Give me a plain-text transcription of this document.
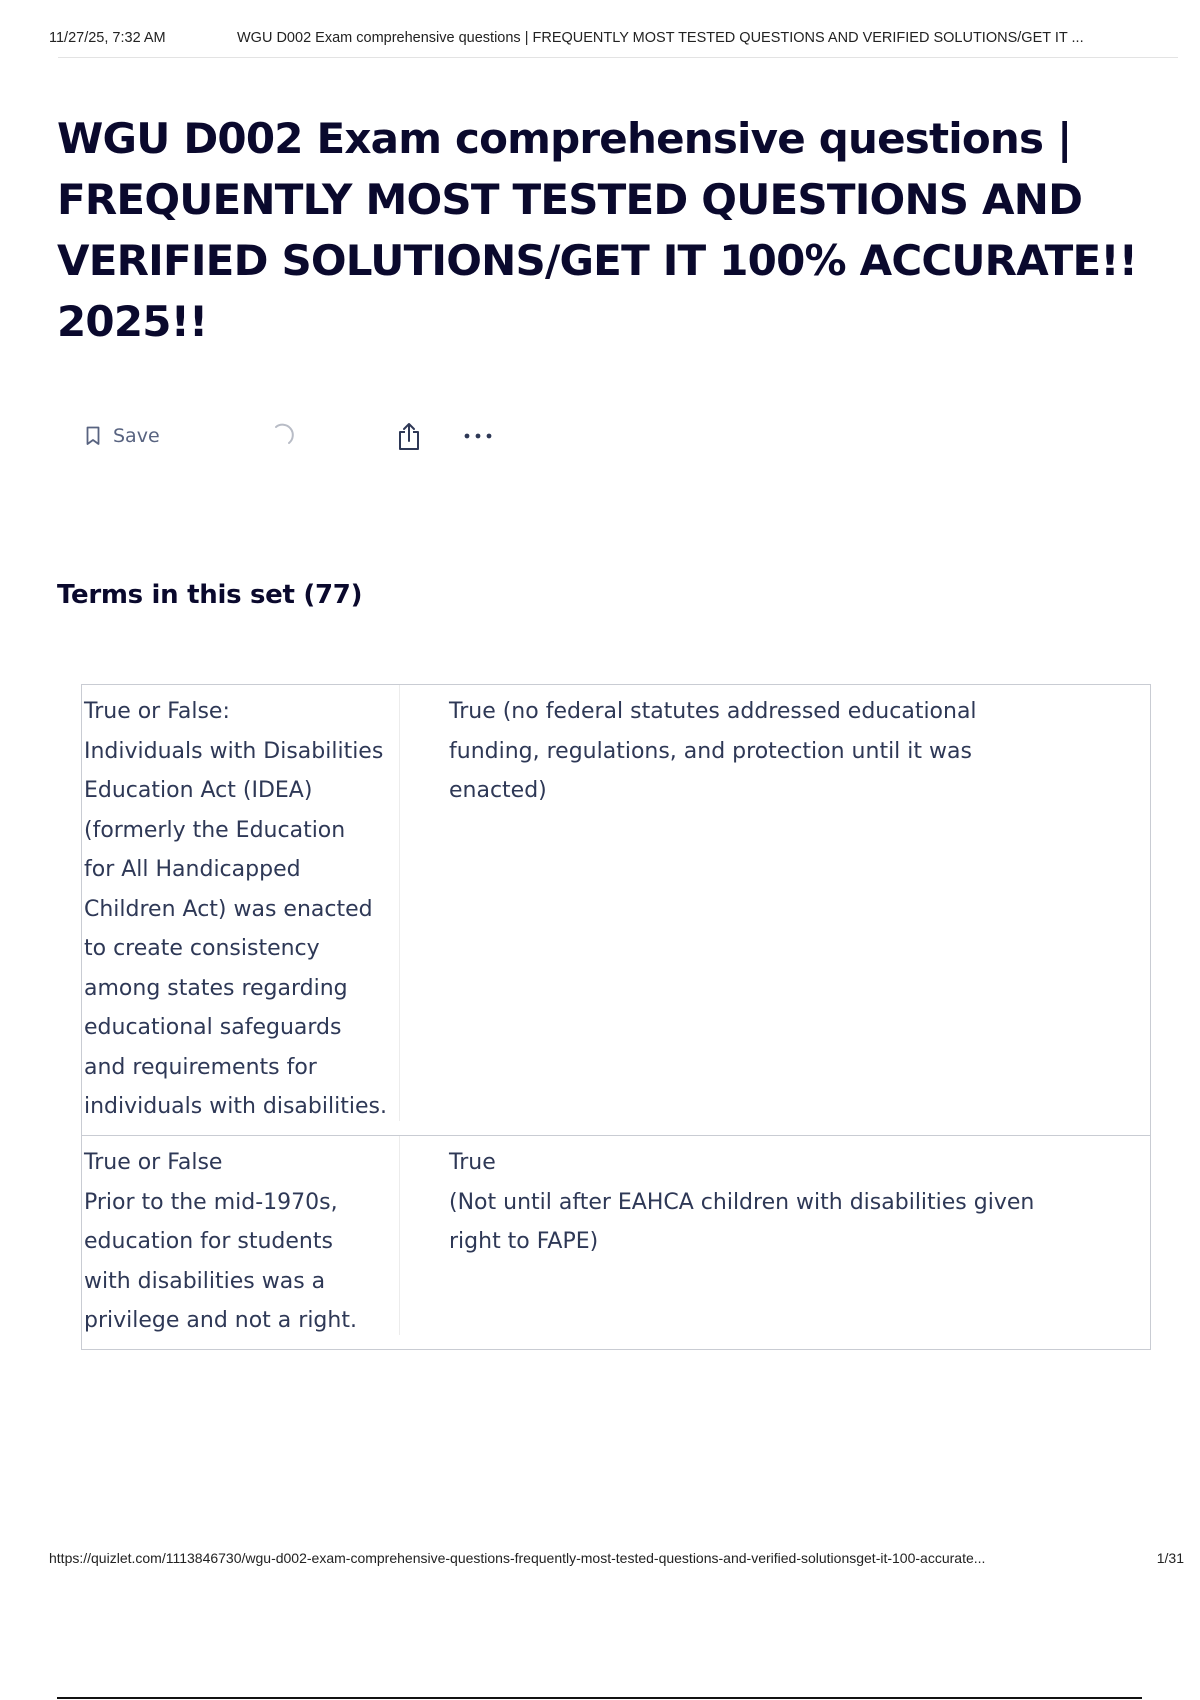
11/27/25, 7:32 AM	WGU D002 Exam comprehensive questions | FREQUENTLY MOST TESTED QUESTIONS AND VERIFIED SOLUTIONS/GET IT ...
WGU D002 Exam comprehensive questions | FREQUENTLY MOST TESTED QUESTIONS AND VERIFIED SOLUTIONS/GET IT 100% ACCURATE!! 2025!!
Save
Terms in this set (77)
True or False:
Individuals with Disabilities
Education Act (IDEA)
(formerly the Education
for All Handicapped
Children Act) was enacted
to create consistency
among states regarding
educational safeguards
and requirements for
individuals with disabilities.
True (no federal statutes addressed educational
funding, regulations, and protection until it was
enacted)
True or False
Prior to the mid-1970s,
education for students
with disabilities was a
privilege and not a right.
True
(Not until after EAHCA children with disabilities given
right to FAPE)
https://quizlet.com/1113846730/wgu-d002-exam-comprehensive-questions-frequently-most-tested-questions-and-verified-solutionsget-it-100-accurate...	1/31
